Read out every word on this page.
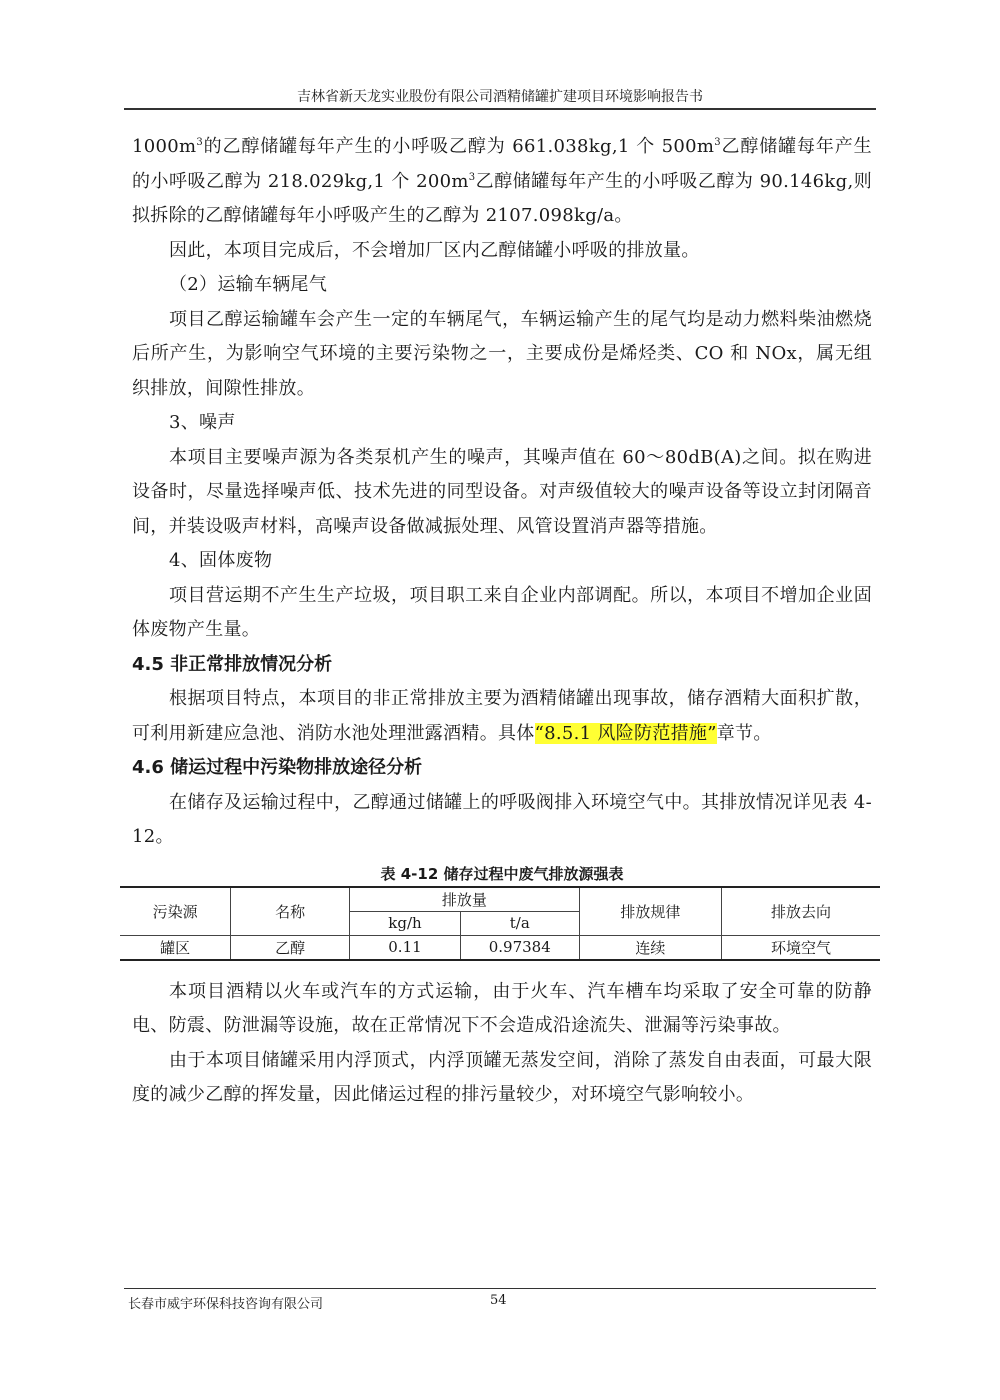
吉林省新天龙实业股份有限公司酒精储罐扩建项目环境影响报告书

$1000m^3$的乙醇储罐每年产生的小呼吸乙醇为 661.038kg,1 个 $500m^3$乙醇储罐每年产生的小呼吸乙醇为 218.029kg,1 个 $200m^3$乙醇储罐每年产生的小呼吸乙醇为 90.146kg,则拟拆除的乙醇储罐每年小呼吸产生的乙醇为 2107.098kg/a。

因此，本项目完成后，不会增加厂区内乙醇储罐小呼吸的排放量。

（2）运输车辆尾气

项目乙醇运输罐车会产生一定的车辆尾气，车辆运输产生的尾气均是动力燃料柴油燃烧后所产生，为影响空气环境的主要污染物之一，主要成份是烯烃类、CO 和 NOx，属无组织排放，间隙性排放。

3、噪声

本项目主要噪声源为各类泵机产生的噪声，其噪声值在 60～80dB(A)之间。拟在购进设备时，尽量选择噪声低、技术先进的同型设备。对声级值较大的噪声设备等设立封闭隔音间，并装设吸声材料，高噪声设备做减振处理、风管设置消声器等措施。

4、固体废物

项目营运期不产生生产垃圾，项目职工来自企业内部调配。所以，本项目不增加企业固体废物产生量。

4.5 非正常排放情况分析

根据项目特点，本项目的非正常排放主要为酒精储罐出现事故，储存酒精大面积扩散，可利用新建应急池、消防水池处理泄露酒精。具体“8.5.1 风险防范措施”章节。

4.6 储运过程中污染物排放途径分析

在储存及运输过程中，乙醇通过储罐上的呼吸阀排入环境空气中。其排放情况详见表 4-12。

表 4-12 储存过程中废气排放源强表
污染源	名称	排放量		排放规律	排放去向
		kg/h	t/a		
罐区	乙醇	0.11	0.97384	连续	环境空气

本项目酒精以火车或汽车的方式运输，由于火车、汽车槽车均采取了安全可靠的防静电、防震、防泄漏等设施，故在正常情况下不会造成沿途流失、泄漏等污染事故。

由于本项目储罐采用内浮顶式，内浮顶罐无蒸发空间，消除了蒸发自由表面，可最大限度的减少乙醇的挥发量，因此储运过程的排污量较少，对环境空气影响较小。

长春市威宇环保科技咨询有限公司	54
